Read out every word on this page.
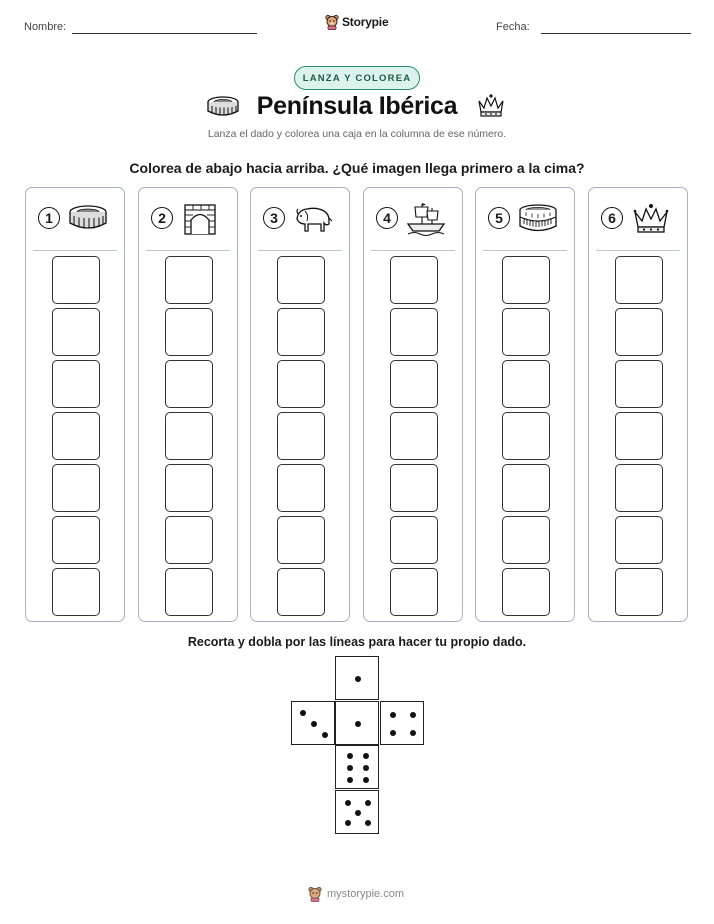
Nombre:	Storypie	Fecha:
LANZA Y COLOREA
Península Ibérica
Lanza el dado y colorea una caja en la columna de ese número.
Colorea de abajo hacia arriba. ¿Qué imagen llega primero a la cima?
1	2	3	4	5	6
Recorta y dobla por las líneas para hacer tu propio dado.
mystorypie.com
